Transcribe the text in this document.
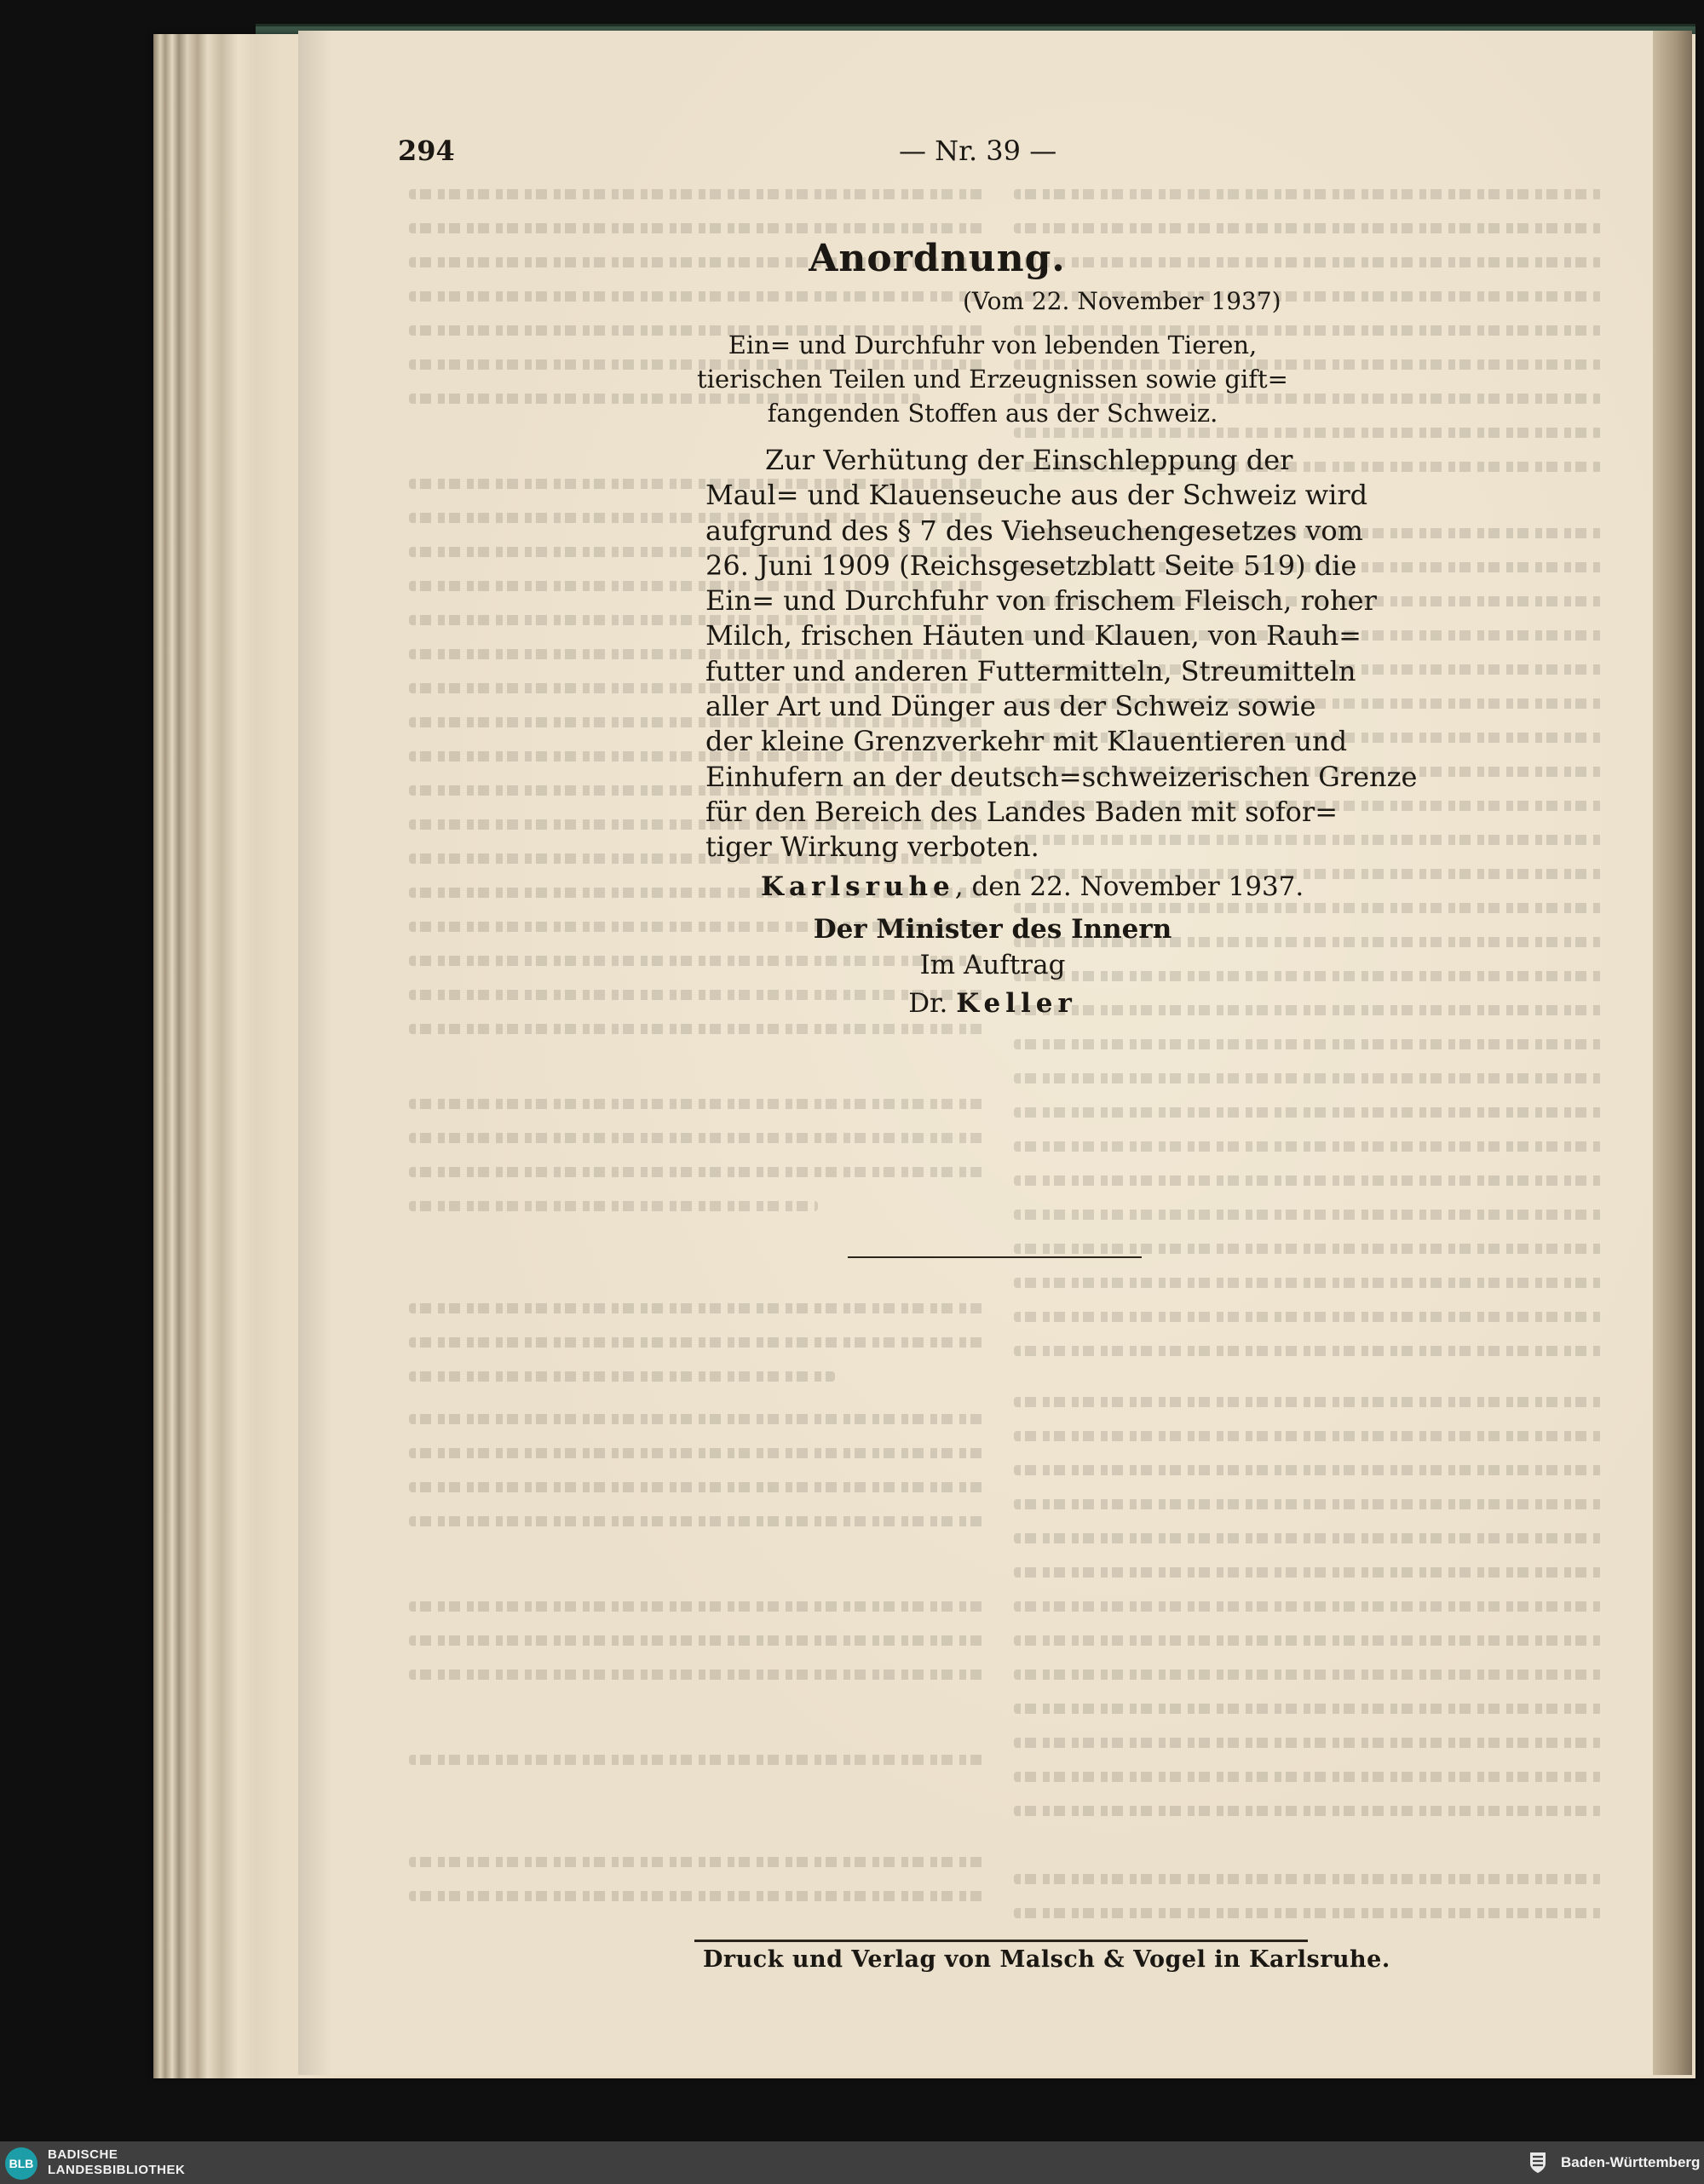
294	— Nr. 39 —
Anordnung.
(Vom 22. November 1937)
Ein= und Durchfuhr von lebenden Tieren,
tierischen Teilen und Erzeugnissen sowie gift=
fangenden Stoffen aus der Schweiz.
Zur Verhütung der Einschleppung der
Maul= und Klauenseuche aus der Schweiz wird
aufgrund des § 7 des Viehseuchengesetzes vom
26. Juni 1909 (Reichsgesetzblatt Seite 519) die
Ein= und Durchfuhr von frischem Fleisch, roher
Milch, frischen Häuten und Klauen, von Rauh=
futter und anderen Futtermitteln, Streumitteln
aller Art und Dünger aus der Schweiz sowie
der kleine Grenzverkehr mit Klauentieren und
Einhufern an der deutsch=schweizerischen Grenze
für den Bereich des Landes Baden mit sofor=
tiger Wirkung verboten.
Karlsruhe, den 22. November 1937.
Der Minister des Innern
Im Auftrag
Dr. Keller
Druck und Verlag von Malsch & Vogel in Karlsruhe.
BLB
BADISCHE
LANDESBIBLIOTHEK	Baden-Württemberg
